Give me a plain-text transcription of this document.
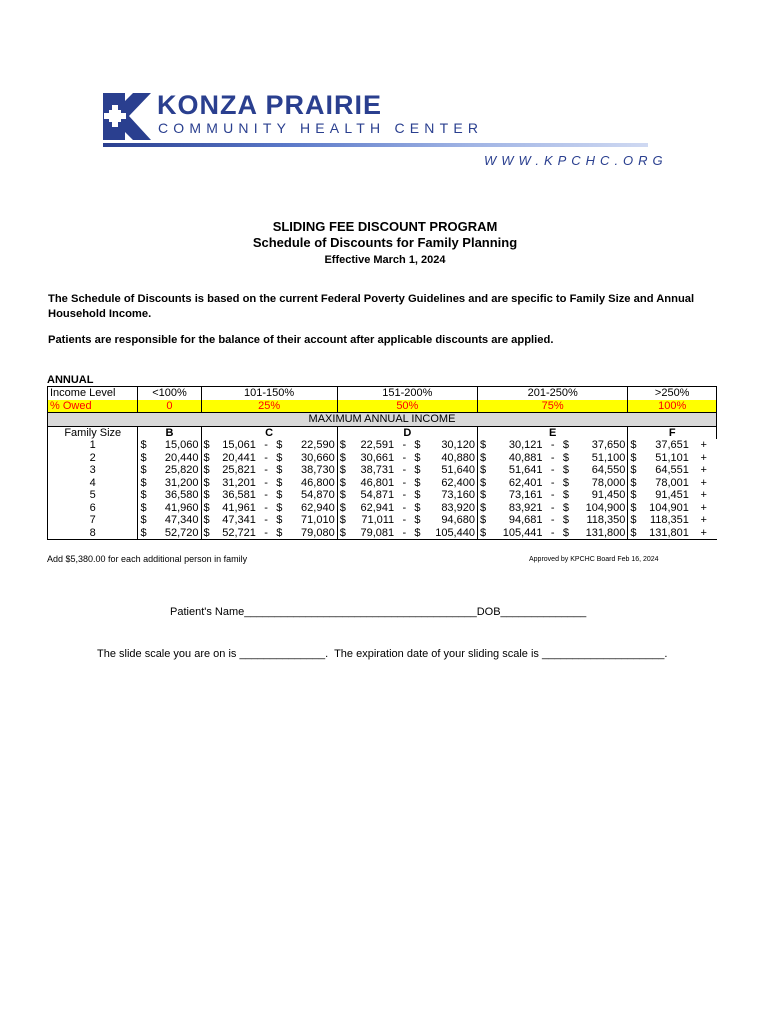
KONZA PRAIRIE
COMMUNITY HEALTH CENTER
WWW.KPCHC.ORG
SLIDING FEE DISCOUNT PROGRAM
Schedule of Discounts for Family Planning
Effective March 1, 2024
The Schedule of Discounts is based on the current Federal Poverty Guidelines and are specific to Family Size and Annual Household Income.
Patients are responsible for the balance of their account after applicable discounts are applied.
ANNUAL
Income Level	<100%		101-150%					151-200%					201-250%					>250%		
% Owed	0		25%					50%					75%					100%		
MAXIMUM ANNUAL INCOME																				
Family Size	B		C					D					E					F		
1	$	15,060	$	15,061	-	$	22,590	$	22,591	-	$	30,120	$	30,121	-	$	37,650	$	37,651	+
2	$	20,440	$	20,441	-	$	30,660	$	30,661	-	$	40,880	$	40,881	-	$	51,100	$	51,101	+
3	$	25,820	$	25,821	-	$	38,730	$	38,731	-	$	51,640	$	51,641	-	$	64,550	$	64,551	+
4	$	31,200	$	31,201	-	$	46,800	$	46,801	-	$	62,400	$	62,401	-	$	78,000	$	78,001	+
5	$	36,580	$	36,581	-	$	54,870	$	54,871	-	$	73,160	$	73,161	-	$	91,450	$	91,451	+
6	$	41,960	$	41,961	-	$	62,940	$	62,941	-	$	83,920	$	83,921	-	$	104,900	$	104,901	+
7	$	47,340	$	47,341	-	$	71,010	$	71,011	-	$	94,680	$	94,681	-	$	118,350	$	118,351	+
8	$	52,720	$	52,721	-	$	79,080	$	79,081	-	$	105,440	$	105,441	-	$	131,800	$	131,801	+
Add $5,380.00 for each additional person in family	Approved by KPCHC Board Feb 16, 2024
Patient's Name______________________________________DOB______________
The slide scale you are on is ______________.  The expiration date of your sliding scale is ____________________.
